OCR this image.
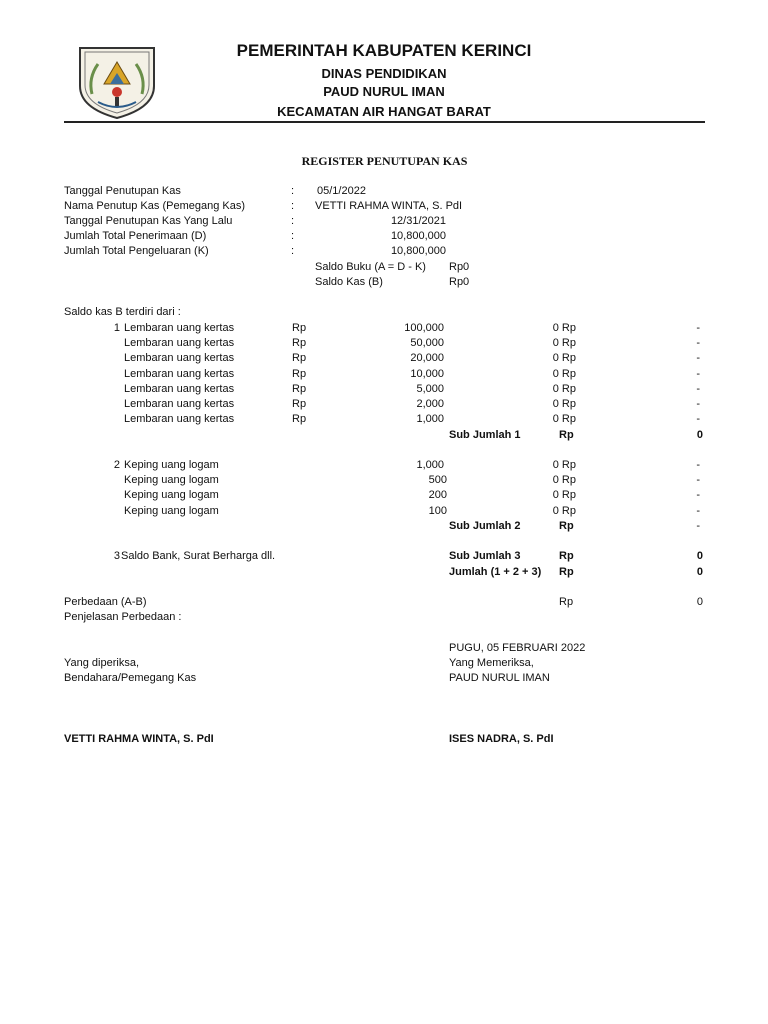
PEMERINTAH KABUPATEN KERINCI
DINAS PENDIDIKAN
PAUD NURUL IMAN
KECAMATAN AIR HANGAT BARAT
REGISTER PENUTUPAN KAS
Tanggal Penutupan Kas	: 05/1/2022
Nama Penutup Kas (Pemegang Kas)	: VETTI RAHMA WINTA, S. PdI
Tanggal Penutupan Kas Yang Lalu	:	12/31/2021
Jumlah Total Penerimaan (D)	:	10,800,000
Jumlah Total Pengeluaran (K)	:	10,800,000
Saldo Buku (A = D - K) Rp0
Saldo Kas (B)	Rp0
Saldo kas B terdiri dari :
1 Lembaran uang kertas	Rp	100,000	0 Rp	-
Lembaran uang kertas	Rp	50,000	0 Rp	-
Lembaran uang kertas	Rp	20,000	0 Rp	-
Lembaran uang kertas	Rp	10,000	0 Rp	-
Lembaran uang kertas	Rp	5,000	0 Rp	-
Lembaran uang kertas	Rp	2,000	0 Rp	-
Lembaran uang kertas	Rp	1,000	0 Rp	-
Sub Jumlah 1	Rp	0
2 Keping uang logam	1,000	0 Rp	-
Keping uang logam	500	0 Rp	-
Keping uang logam	200	0 Rp	-
Keping uang logam	100	0 Rp	-
Sub Jumlah 2	Rp	-
3 Saldo Bank, Surat Berharga dll.	Sub Jumlah 3	Rp	0
Jumlah (1 + 2 + 3) Rp	0
Perbedaan (A-B)	Rp	0
Penjelasan Perbedaan :
PUGU, 05 FEBRUARI 2022
Yang diperiksa,
Bendahara/Pemegang Kas
Yang Memeriksa,
PAUD NURUL IMAN
VETTI RAHMA WINTA, S. PdI	ISES NADRA, S. PdI
